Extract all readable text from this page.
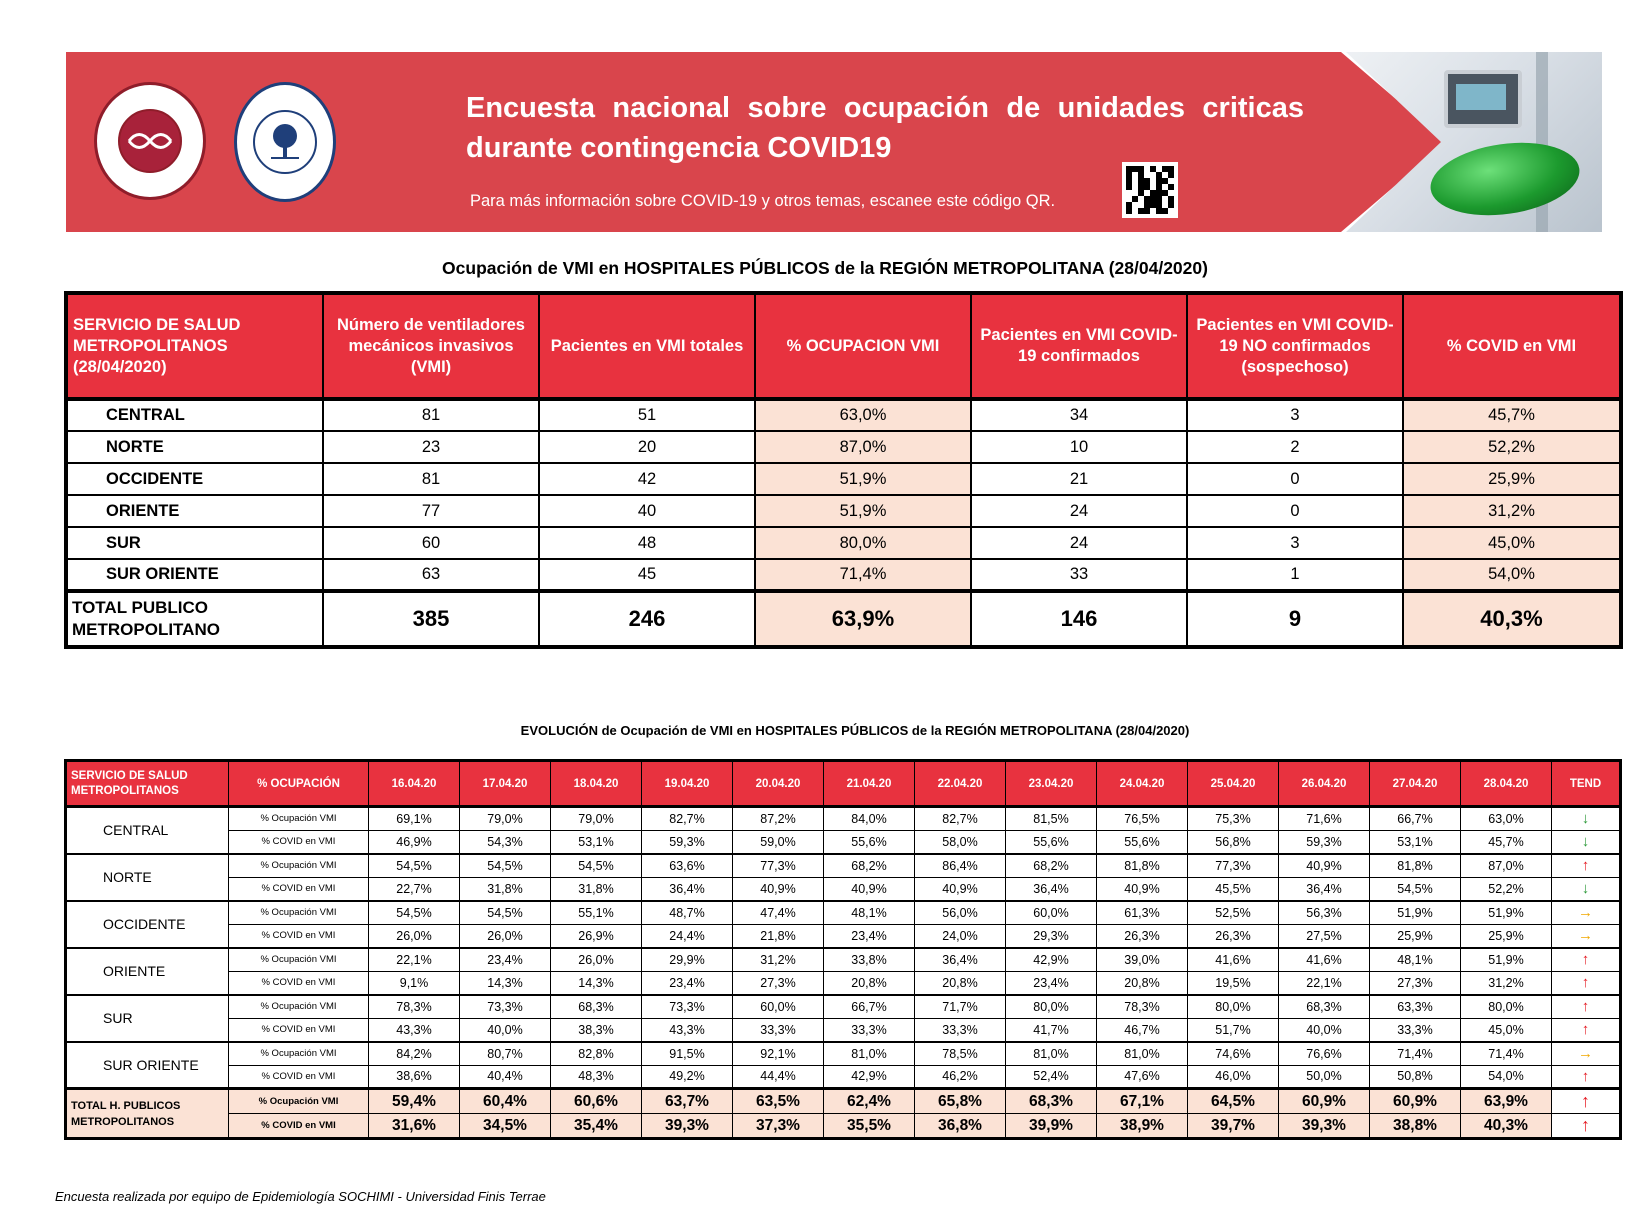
Encuesta nacional sobre ocupación de unidades criticas durante contingencia COVID19
Para más información sobre COVID-19 y otros temas, escanee este código QR.
Ocupación de VMI en HOSPITALES PÚBLICOS de la REGIÓN METROPOLITANA (28/04/2020)
SERVICIO DE SALUD METROPOLITANOS (28/04/2020)	Número de ventiladores mecánicos invasivos (VMI)	Pacientes en VMI totales	% OCUPACION VMI	Pacientes en VMI COVID-19 confirmados	Pacientes en VMI COVID-19 NO confirmados (sospechoso)	% COVID en VMI
CENTRAL	81	51	63,0%	34	3	45,7%
NORTE	23	20	87,0%	10	2	52,2%
OCCIDENTE	81	42	51,9%	21	0	25,9%
ORIENTE	77	40	51,9%	24	0	31,2%
SUR	60	48	80,0%	24	3	45,0%
SUR ORIENTE	63	45	71,4%	33	1	54,0%
TOTAL PUBLICO METROPOLITANO	385	246	63,9%	146	9	40,3%
EVOLUCIÓN de Ocupación de VMI en HOSPITALES PÚBLICOS de la REGIÓN METROPOLITANA (28/04/2020)
SERVICIO DE SALUD METROPOLITANOS	% OCUPACIÓN	16.04.20	17.04.20	18.04.20	19.04.20	20.04.20	21.04.20	22.04.20	23.04.20	24.04.20	25.04.20	26.04.20	27.04.20	28.04.20	TEND
CENTRAL	% Ocupación VMI	69,1%	79,0%	79,0%	82,7%	87,2%	84,0%	82,7%	81,5%	76,5%	75,3%	71,6%	66,7%	63,0%	↓
	% COVID en VMI	46,9%	54,3%	53,1%	59,3%	59,0%	55,6%	58,0%	55,6%	55,6%	56,8%	59,3%	53,1%	45,7%	↓
NORTE	% Ocupación VMI	54,5%	54,5%	54,5%	63,6%	77,3%	68,2%	86,4%	68,2%	81,8%	77,3%	40,9%	81,8%	87,0%	↑
	% COVID en VMI	22,7%	31,8%	31,8%	36,4%	40,9%	40,9%	40,9%	36,4%	40,9%	45,5%	36,4%	54,5%	52,2%	↓
OCCIDENTE	% Ocupación VMI	54,5%	54,5%	55,1%	48,7%	47,4%	48,1%	56,0%	60,0%	61,3%	52,5%	56,3%	51,9%	51,9%	→
	% COVID en VMI	26,0%	26,0%	26,9%	24,4%	21,8%	23,4%	24,0%	29,3%	26,3%	26,3%	27,5%	25,9%	25,9%	→
ORIENTE	% Ocupación VMI	22,1%	23,4%	26,0%	29,9%	31,2%	33,8%	36,4%	42,9%	39,0%	41,6%	41,6%	48,1%	51,9%	↑
	% COVID en VMI	9,1%	14,3%	14,3%	23,4%	27,3%	20,8%	20,8%	23,4%	20,8%	19,5%	22,1%	27,3%	31,2%	↑
SUR	% Ocupación VMI	78,3%	73,3%	68,3%	73,3%	60,0%	66,7%	71,7%	80,0%	78,3%	80,0%	68,3%	63,3%	80,0%	↑
	% COVID en VMI	43,3%	40,0%	38,3%	43,3%	33,3%	33,3%	33,3%	41,7%	46,7%	51,7%	40,0%	33,3%	45,0%	↑
SUR ORIENTE	% Ocupación VMI	84,2%	80,7%	82,8%	91,5%	92,1%	81,0%	78,5%	81,0%	81,0%	74,6%	76,6%	71,4%	71,4%	→
	% COVID en VMI	38,6%	40,4%	48,3%	49,2%	44,4%	42,9%	46,2%	52,4%	47,6%	46,0%	50,0%	50,8%	54,0%	↑
TOTAL H. PUBLICOS METROPOLITANOS	% Ocupación VMI	59,4%	60,4%	60,6%	63,7%	63,5%	62,4%	65,8%	68,3%	67,1%	64,5%	60,9%	60,9%	63,9%	↑
	% COVID en VMI	31,6%	34,5%	35,4%	39,3%	37,3%	35,5%	36,8%	39,9%	38,9%	39,7%	39,3%	38,8%	40,3%	↑
Encuesta realizada por equipo de Epidemiología SOCHIMI - Universidad Finis Terrae
